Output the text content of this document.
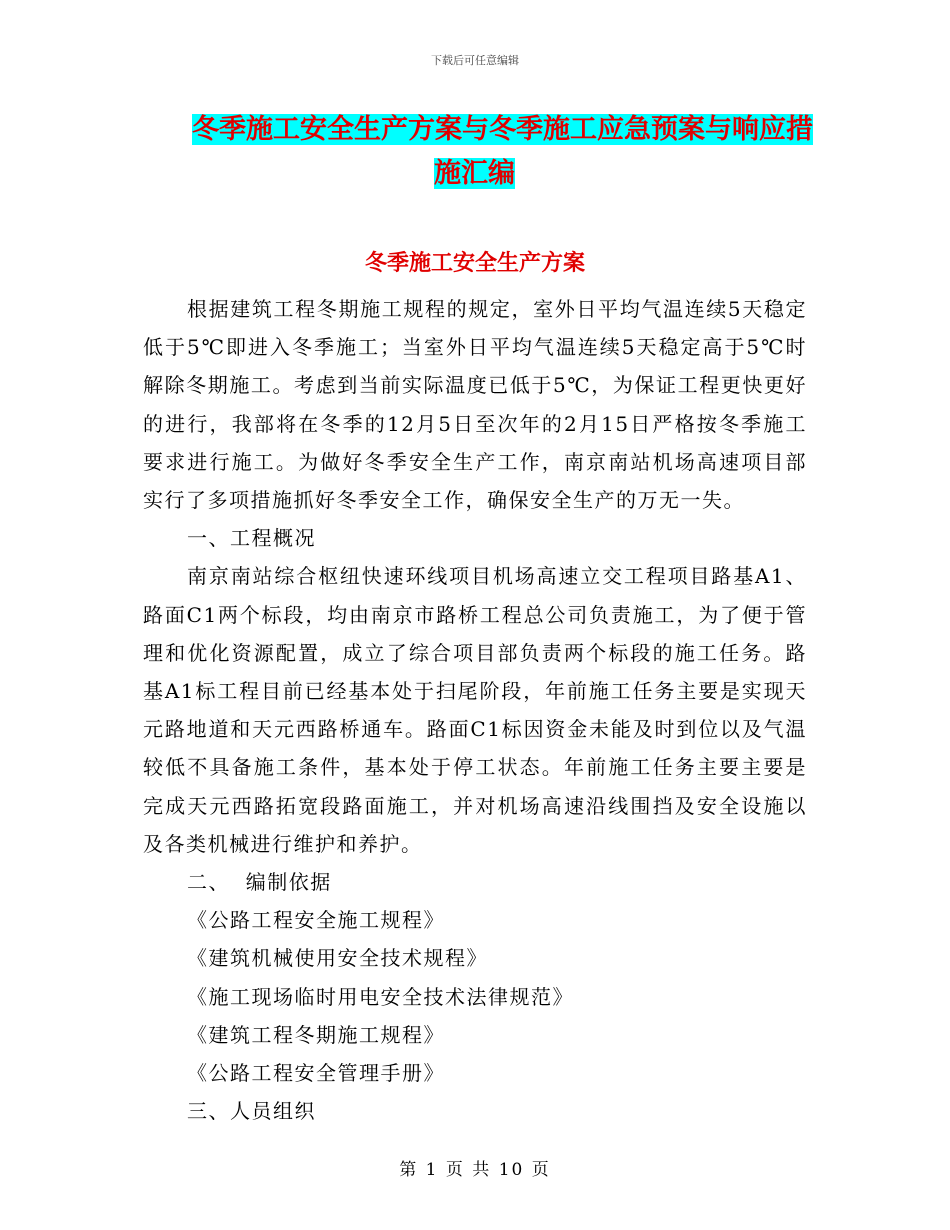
下载后可任意编辑
冬季施工安全生产方案与冬季施工应急预案与响应措
施汇编
冬季施工安全生产方案

根据建筑工程冬期施工规程的规定，室外日平均气温连续5天稳定低于5℃即进入冬季施工；当室外日平均气温连续5天稳定高于5℃时解除冬期施工。考虑到当前实际温度已低于5℃，为保证工程更快更好的进行，我部将在冬季的12月5日至次年的2月15日严格按冬季施工要求进行施工。为做好冬季安全生产工作，南京南站机场高速项目部实行了多项措施抓好冬季安全工作，确保安全生产的万无一失。

一、工程概况

南京南站综合枢纽快速环线项目机场高速立交工程项目路基A1、路面C1两个标段，均由南京市路桥工程总公司负责施工，为了便于管理和优化资源配置，成立了综合项目部负责两个标段的施工任务。路基A1标工程目前已经基本处于扫尾阶段，年前施工任务主要是实现天元路地道和天元西路桥通车。路面C1标因资金未能及时到位以及气温较低不具备施工条件，基本处于停工状态。年前施工任务主要主要是完成天元西路拓宽段路面施工，并对机场高速沿线围挡及安全设施以及各类机械进行维护和养护。

二、  编制依据

《公路工程安全施工规程》

《建筑机械使用安全技术规程》

《施工现场临时用电安全技术法律规范》

《建筑工程冬期施工规程》

《公路工程安全管理手册》

三、人员组织

第 1 页 共 10 页
